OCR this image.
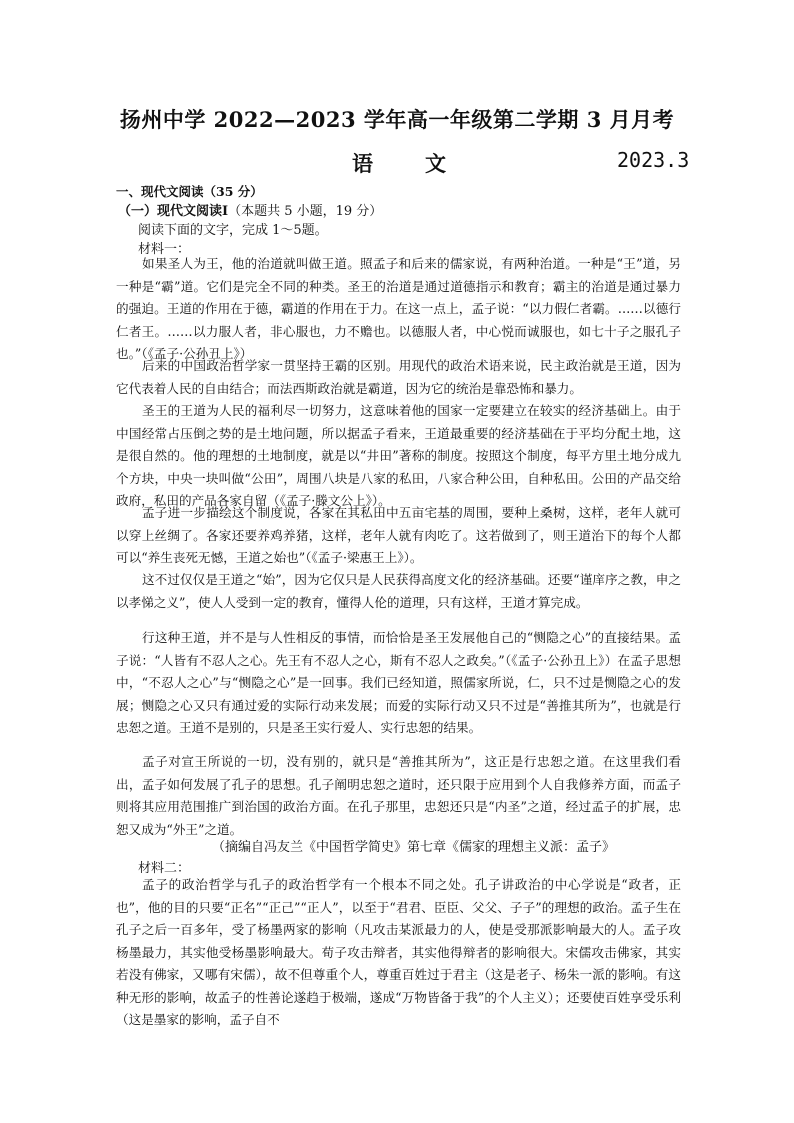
扬州中学 2022—2023 学年高一年级第二学期 3 月月考
语文	2023.3
一、现代文阅读（35 分）
（一）现代文阅读Ⅰ（本题共 5 小题，19 分）
阅读下面的文字，完成 1～5题。
材料一：

如果圣人为王，他的治道就叫做王道。照孟子和后来的儒家说，有两种治道。一种是“王”道，另一种是“霸”道。它们是完全不同的种类。圣王的治道是通过道德指示和教育；霸主的治道是通过暴力的强迫。王道的作用在于德，霸道的作用在于力。在这一点上，孟子说：“以力假仁者霸。……以德行仁者王。……以力服人者，非心服也，力不赡也。以德服人者，中心悦而诚服也，如七十子之服孔子也。”（《孟子·公孙丑上》）

后来的中国政治哲学家一贯坚持王霸的区别。用现代的政治术语来说，民主政治就是王道，因为它代表着人民的自由结合；而法西斯政治就是霸道，因为它的统治是靠恐怖和暴力。

圣王的王道为人民的福利尽一切努力，这意味着他的国家一定要建立在较实的经济基础上。由于中国经常占压倒之势的是土地问题，所以据孟子看来，王道最重要的经济基础在于平均分配土地，这是很自然的。他的理想的土地制度，就是以“井田”著称的制度。按照这个制度，每平方里土地分成九个方块，中央一块叫做“公田”，周围八块是八家的私田，八家合种公田，自种私田。公田的产品交给政府，私田的产品各家自留（《孟子·滕文公上》）。

孟子进一步描绘这个制度说，各家在其私田中五亩宅基的周围，要种上桑树，这样，老年人就可以穿上丝绸了。各家还要养鸡养猪，这样，老年人就有肉吃了。这若做到了，则王道治下的每个人都可以“养生丧死无憾，王道之始也”（《孟子·梁惠王上》）。

这不过仅仅是王道之“始”，因为它仅只是人民获得高度文化的经济基础。还要“谨庠序之教，申之以孝悌之义”，使人人受到一定的教育，懂得人伦的道理，只有这样，王道才算完成。

行这种王道，并不是与人性相反的事情，而恰恰是圣王发展他自己的“恻隐之心”的直接结果。孟子说：“人皆有不忍人之心。先王有不忍人之心，斯有不忍人之政矣。”（《孟子·公孙丑上》）在孟子思想中，“不忍人之心”与“恻隐之心”是一回事。我们已经知道，照儒家所说，仁，只不过是恻隐之心的发展；恻隐之心又只有通过爱的实际行动来发展；而爱的实际行动又只不过是“善推其所为”，也就是行忠恕之道。王道不是别的，只是圣王实行爱人、实行忠恕的结果。

孟子对宣王所说的一切，没有别的，就只是“善推其所为”，这正是行忠恕之道。在这里我们看出，孟子如何发展了孔子的思想。孔子阐明忠恕之道时，还只限于应用到个人自我修养方面，而孟子则将其应用范围推广到治国的政治方面。在孔子那里，忠恕还只是“内圣”之道，经过孟子的扩展，忠恕又成为“外王”之道。

（摘编自冯友兰《中国哲学简史》第七章《儒家的理想主义派：孟子》
材料二：

孟子的政治哲学与孔子的政治哲学有一个根本不同之处。孔子讲政治的中心学说是“政者，正也”，他的目的只要“正名”“正己”“正人”，以至于“君君、臣臣、父父、子子”的理想的政治。孟子生在孔子之后一百多年，受了杨墨两家的影响（凡攻击某派最力的人，使是受那派影响最大的人。孟子攻杨墨最力，其实他受杨墨影响最大。荀子攻击辩者，其实他得辩者的影响很大。宋儒攻击佛家，其实若没有佛家，又哪有宋儒），故不但尊重个人，尊重百姓过于君主（这是老子、杨朱一派的影响。有这种无形的影响，故孟子的性善论遂趋于极端，遂成“万物皆备于我”的个人主义）；还要使百姓享受乐利（这是墨家的影响，孟子自不
